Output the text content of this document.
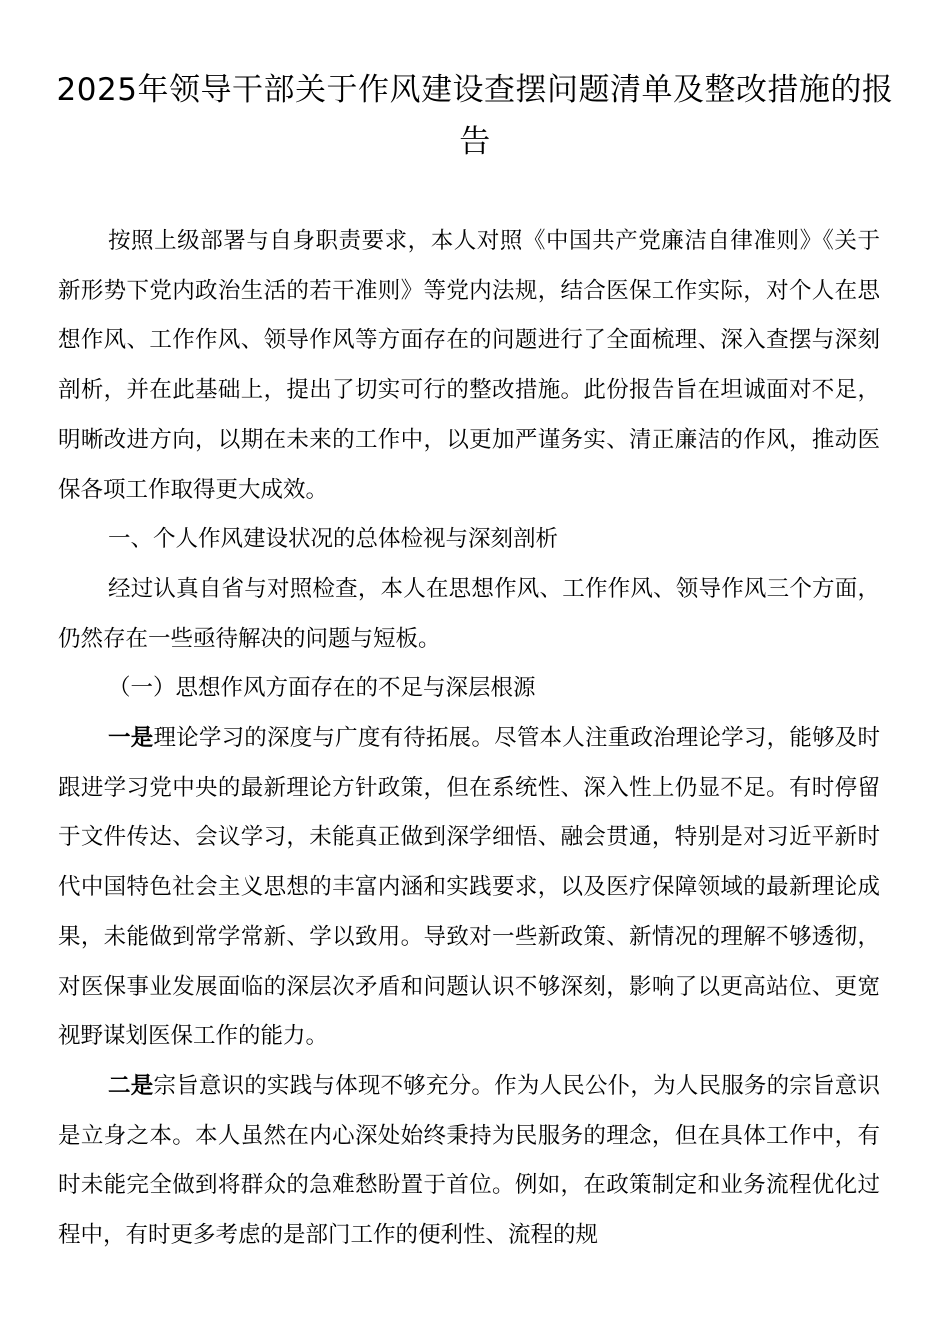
2025年领导干部关于作风建设查摆问题清单及整改措施的报告

按照上级部署与自身职责要求，本人对照《中国共产党廉洁自律准则》《关于新形势下党内政治生活的若干准则》等党内法规，结合医保工作实际，对个人在思想作风、工作作风、领导作风等方面存在的问题进行了全面梳理、深入查摆与深刻剖析，并在此基础上，提出了切实可行的整改措施。此份报告旨在坦诚面对不足，明晰改进方向，以期在未来的工作中，以更加严谨务实、清正廉洁的作风，推动医保各项工作取得更大成效。

一、个人作风建设状况的总体检视与深刻剖析

经过认真自省与对照检查，本人在思想作风、工作作风、领导作风三个方面，仍然存在一些亟待解决的问题与短板。

（一）思想作风方面存在的不足与深层根源

一是理论学习的深度与广度有待拓展。尽管本人注重政治理论学习，能够及时跟进学习党中央的最新理论方针政策，但在系统性、深入性上仍显不足。有时停留于文件传达、会议学习，未能真正做到深学细悟、融会贯通，特别是对习近平新时代中国特色社会主义思想的丰富内涵和实践要求，以及医疗保障领域的最新理论成果，未能做到常学常新、学以致用。导致对一些新政策、新情况的理解不够透彻，对医保事业发展面临的深层次矛盾和问题认识不够深刻，影响了以更高站位、更宽视野谋划医保工作的能力。

二是宗旨意识的实践与体现不够充分。作为人民公仆，为人民服务的宗旨意识是立身之本。本人虽然在内心深处始终秉持为民服务的理念，但在具体工作中，有时未能完全做到将群众的急难愁盼置于首位。例如，在政策制定和业务流程优化过程中，有时更多考虑的是部门工作的便利性、流程的规
